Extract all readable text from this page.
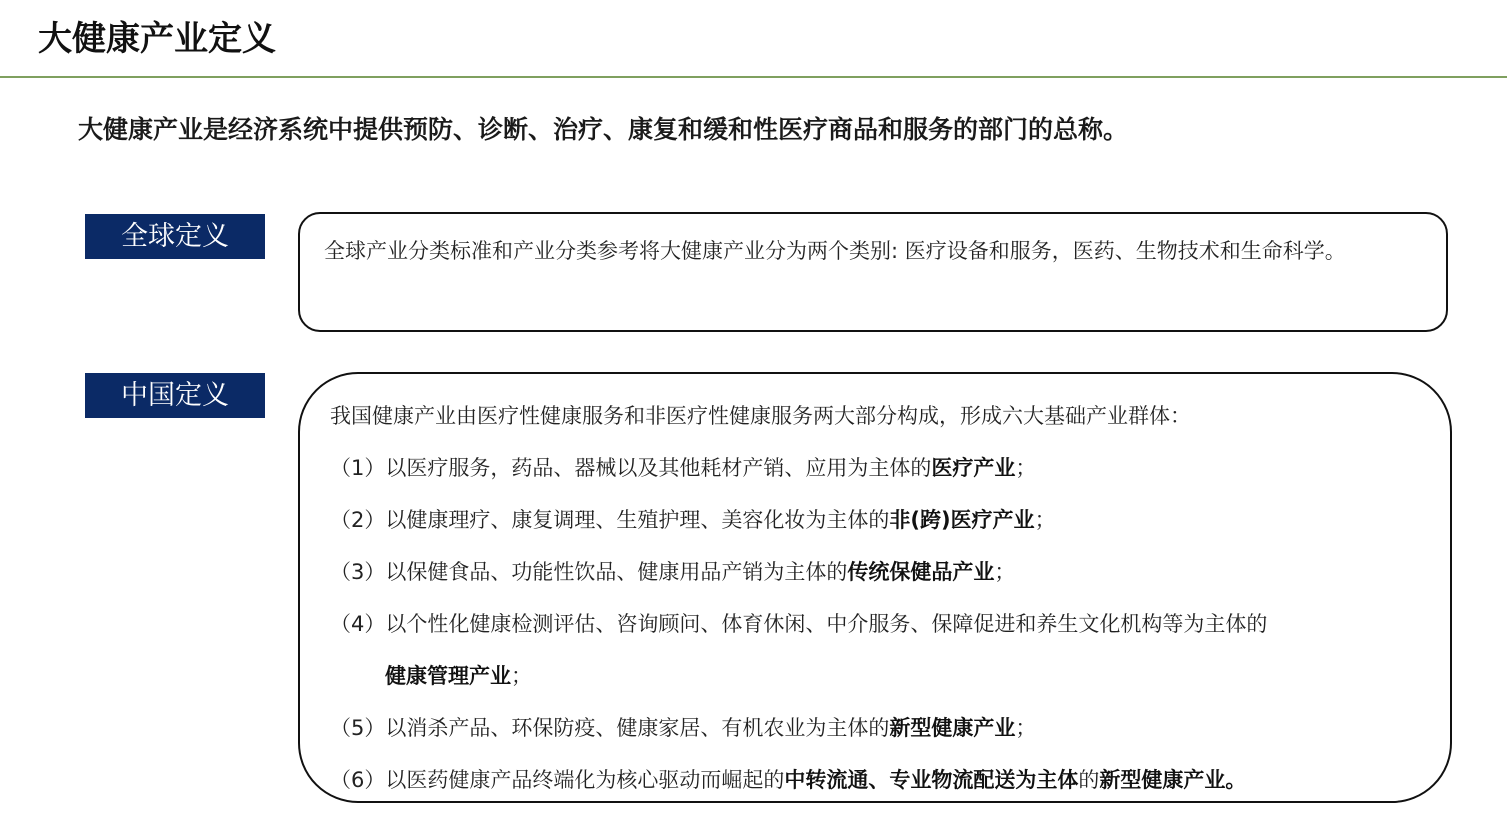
大健康产业定义
大健康产业是经济系统中提供预防、诊断、治疗、康复和缓和性医疗商品和服务的部门的总称。
全球定义	全球产业分类标准和产业分类参考将大健康产业分为两个类别: 医疗设备和服务，医药、生物技术和生命科学。
中国定义
我国健康产业由医疗性健康服务和非医疗性健康服务两大部分构成，形成六大基础产业群体：
（1）以医疗服务，药品、器械以及其他耗材产销、应用为主体的医疗产业；
（2）以健康理疗、康复调理、生殖护理、美容化妆为主体的非(跨)医疗产业；
（3）以保健食品、功能性饮品、健康用品产销为主体的传统保健品产业；
（4）以个性化健康检测评估、咨询顾问、体育休闲、中介服务、保障促进和养生文化机构等为主体的
健康管理产业；
（5）以消杀产品、环保防疫、健康家居、有机农业为主体的新型健康产业；
（6）以医药健康产品终端化为核心驱动而崛起的中转流通、专业物流配送为主体的新型健康产业。
